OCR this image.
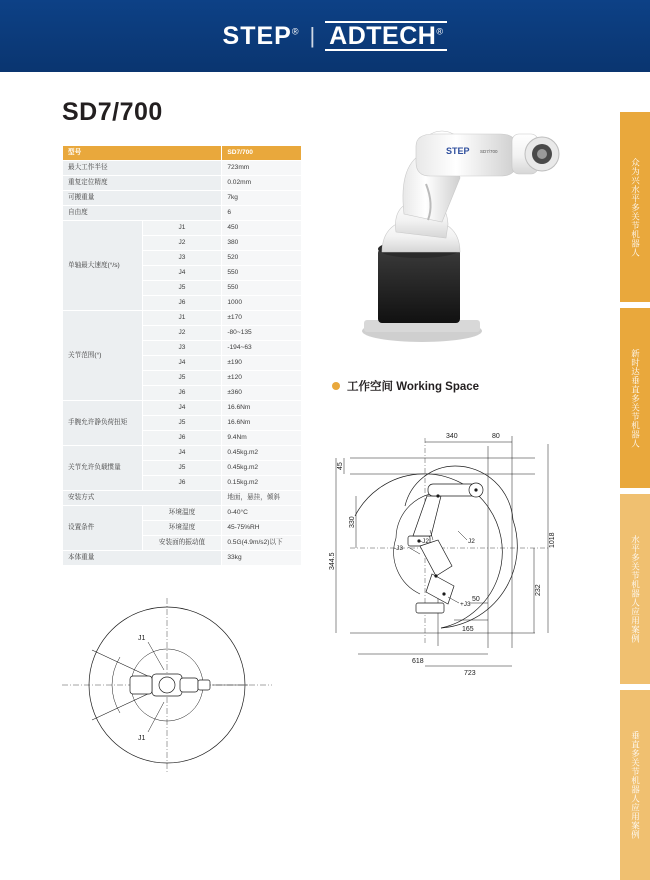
STEP® | ADTECH®
众为兴水平多关节机器人
新时达垂直多关节机器人
水平多关节机器人应用案例
垂直多关节机器人应用案例
SD7/700
型号		SD7/700
最大工作半径		723mm
重复定位精度		0.02mm
可搬重量		7kg
自由度		6
单轴最大速度(°/s)	J1	450
	J2	380
	J3	520
	J4	550
	J5	550
	J6	1000
关节范围(°)	J1	±170
	J2	-80~135
	J3	-194~63
	J4	±190
	J5	±120
	J6	±360
手腕允许静负荷扭矩	J4	16.6Nm
	J5	16.6Nm
	J6	9.4Nm
关节允许负载惯量	J4	0.45kg.m2
	J5	0.45kg.m2
	J6	0.15kg.m2
安装方式		地面，悬挂，倾斜
设置条件	环境温度	0-40°C
	环境湿度	45-75%RH
	安装面的振动值	0.5G(4.9m/s2)以下
本体重量		33kg
STEP SD7/700
工作空间 Working Space
-J3
-J2	J2
+J3
340	80
45
330
344.5
1018
232
50
165
618
723
J1
J1
